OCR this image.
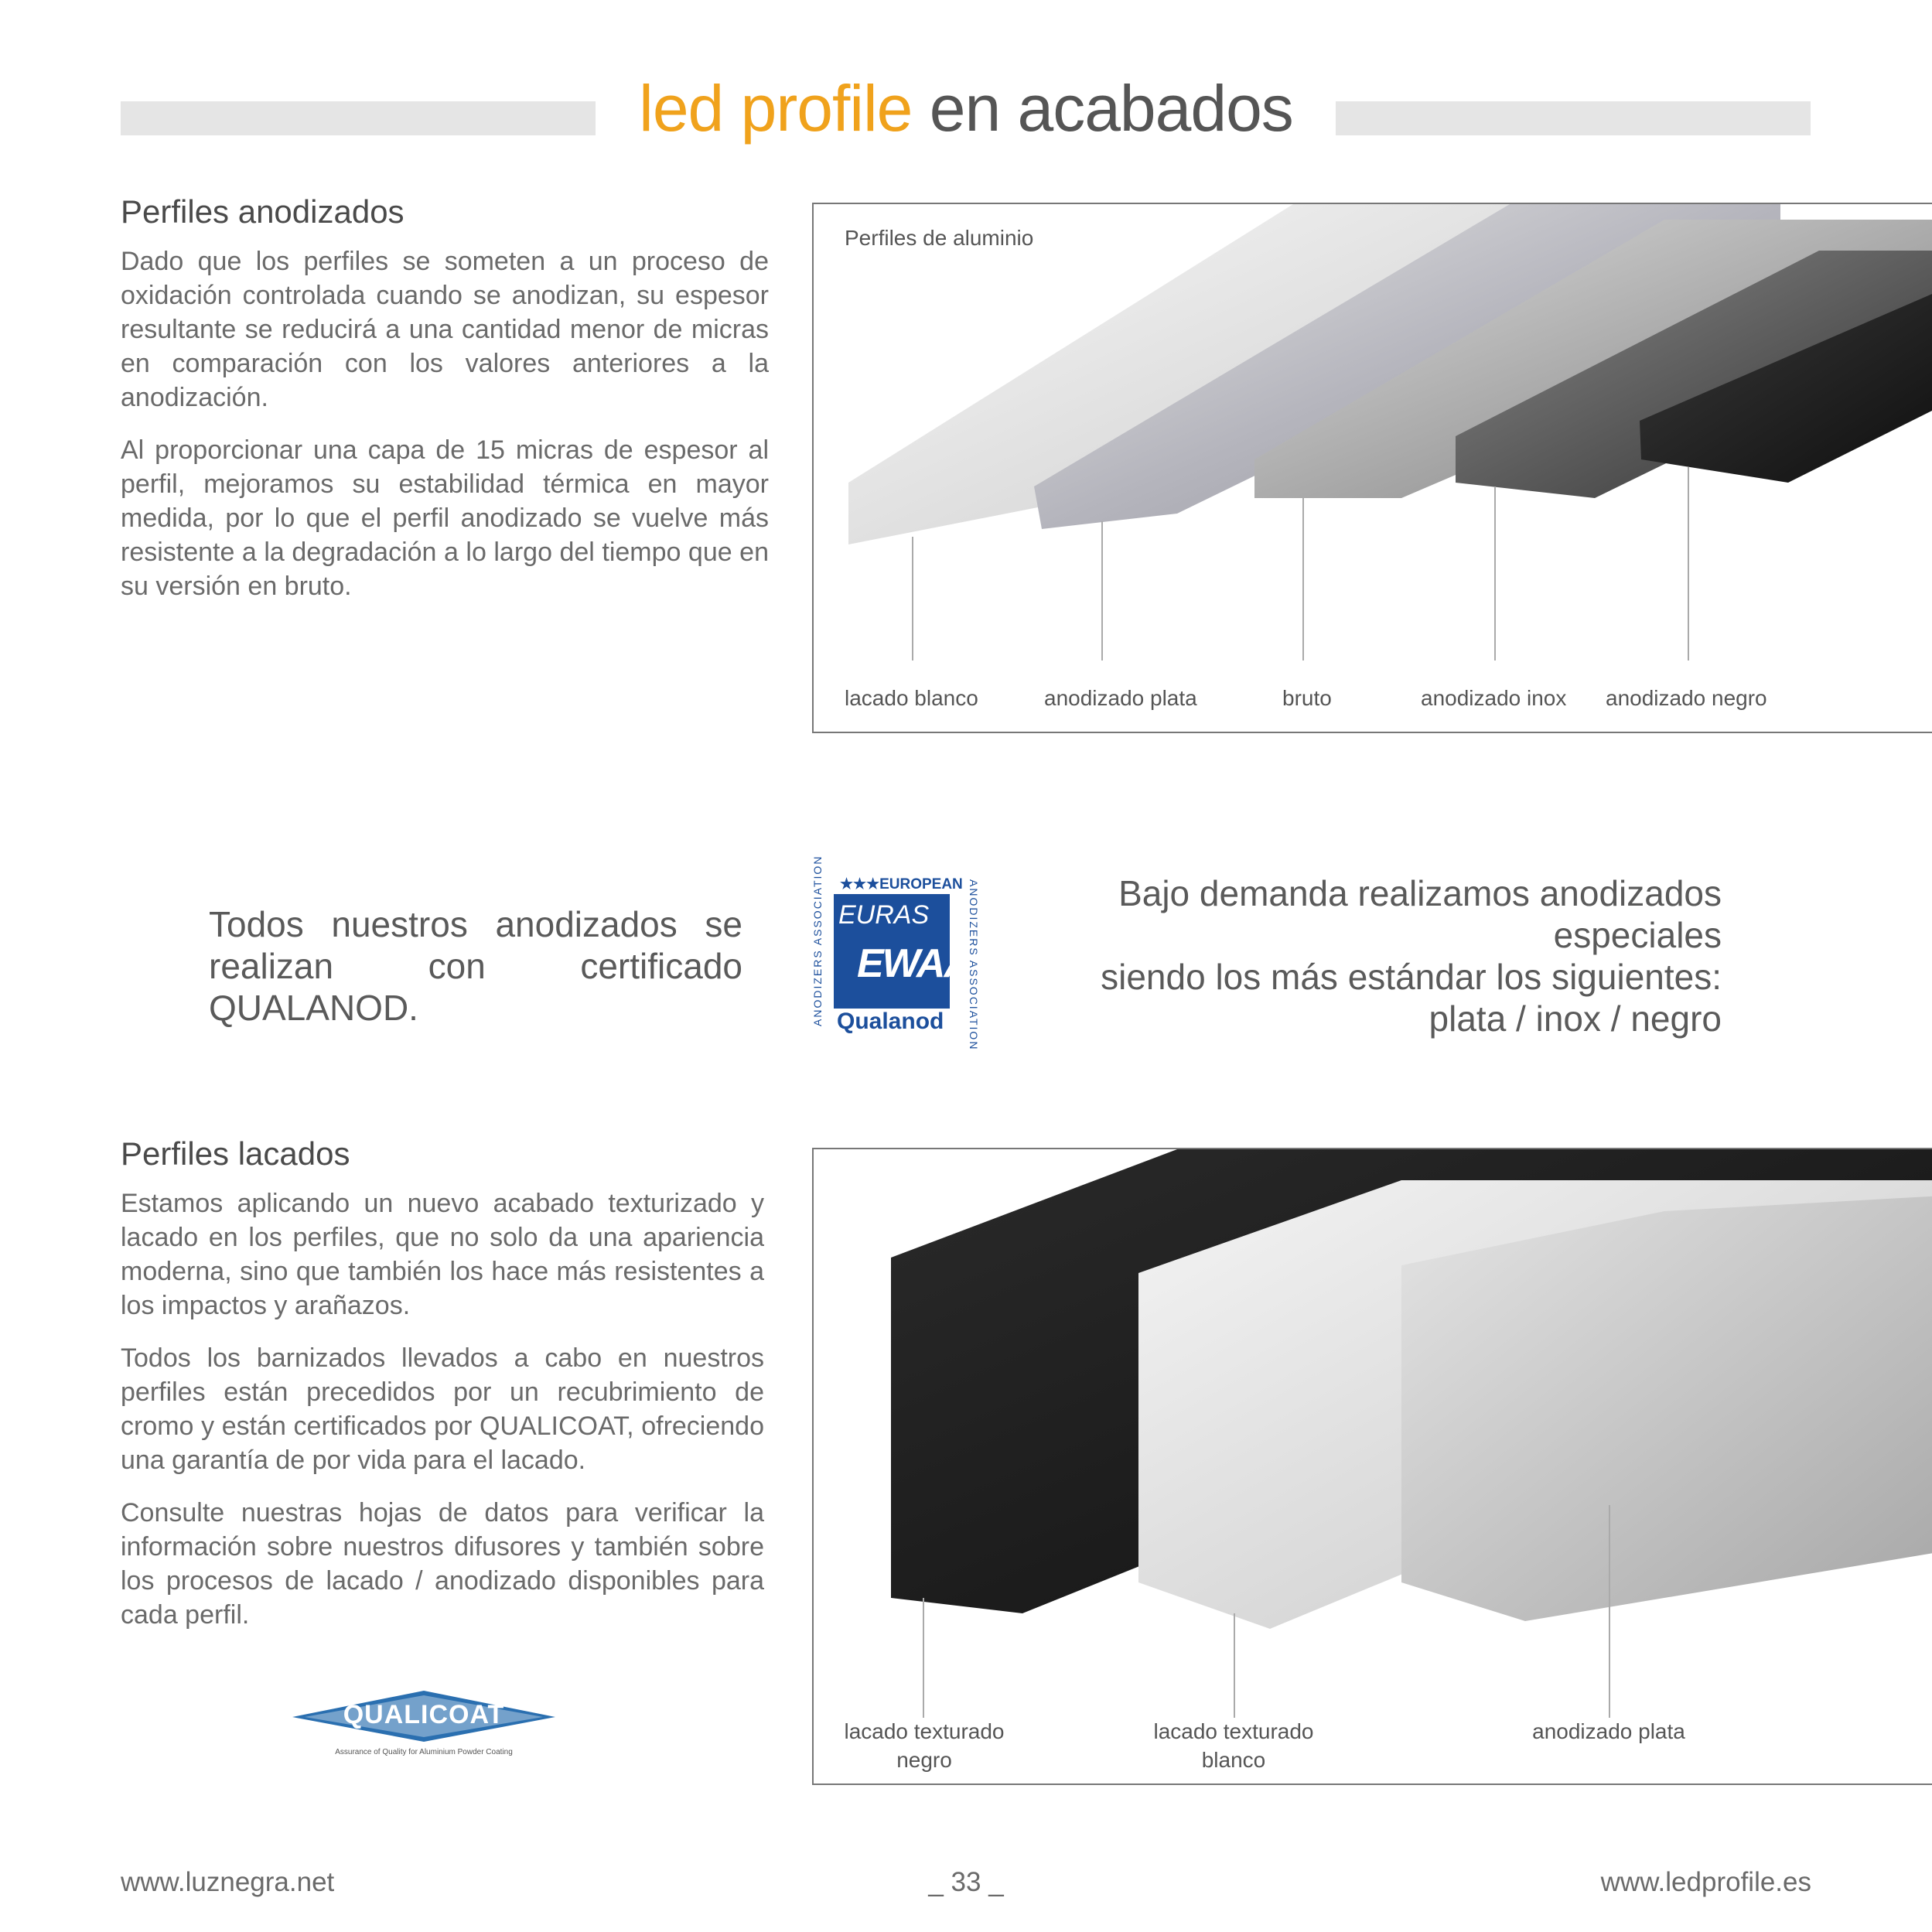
led profile en acabados
Perfiles anodizados

Dado que los perfiles se someten a un proceso de oxidación controlada cuando se anodizan, su espesor resultante se reducirá a una cantidad menor de micras en comparación con los valores anteriores a la anodización.

Al proporcionar una capa de 15 micras de espesor al perfil, mejoramos su estabilidad térmica en mayor medida, por lo que el perfil anodizado se vuelve más resistente a la degradación a lo largo del tiempo que en su versión en bruto.

Perfiles de aluminio
lacado blanco	anodizado plata	bruto	anodizado inox anodizado negro
Todos nuestros anodizados se realizan con certificado QUALANOD.
★★★EUROPEAN
ANODIZERS ASSOCIATION	ANODIZERS ASSOCIATION
EURAS
EWAA
Qualanod
Bajo demanda realizamos anodizados especiales
siendo los más estándar los siguientes:
plata / inox / negro
Perfiles lacados

Estamos aplicando un nuevo acabado texturizado y lacado en los perfiles, que no solo da una apariencia moderna, sino que también los hace más resistentes a los impactos y arañazos.

Todos los barnizados llevados a cabo en nuestros perfiles están precedidos por un recubrimiento de cromo y están certificados por QUALICOAT, ofreciendo una garantía de por vida para el lacado.

Consulte nuestras hojas de datos para verificar la información sobre nuestros difusores y también sobre los procesos de lacado / anodizado disponibles para cada perfil.

QUALICOAT
Assurance of Quality for Aluminium Powder Coating
lacado texturado
negro
lacado texturado
blanco
anodizado plata
www.luznegra.net	_ 33 _	www.ledprofile.es
